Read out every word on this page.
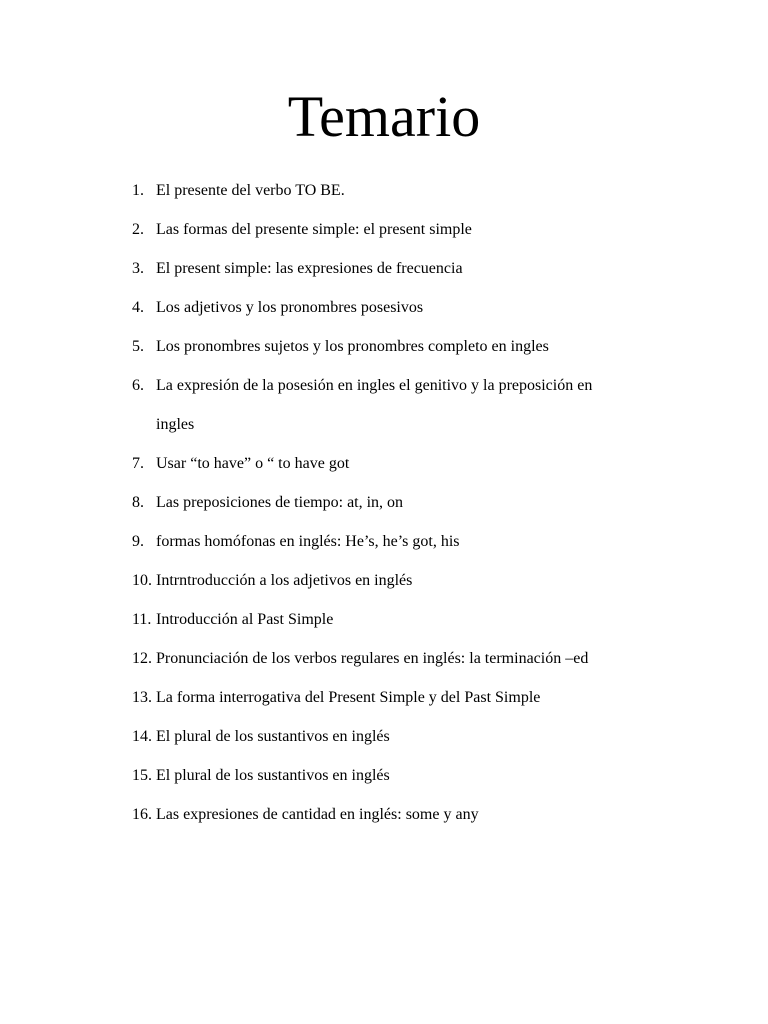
Temario
1. El presente del verbo TO BE.
2. Las formas del presente simple: el present simple
3. El present simple: las expresiones de frecuencia
4. Los adjetivos y los pronombres posesivos
5. Los pronombres sujetos y los pronombres completo en ingles
6. La expresión de la posesión en ingles el genitivo y la preposición en
ingles
7. Usar “to have” o “ to have got
8. Las preposiciones de tiempo: at, in, on
9. formas homófonas en inglés: He’s, he’s got, his
10. Intrntroducción a los adjetivos en inglés
11. Introducción al Past Simple
12. Pronunciación de los verbos regulares en inglés: la terminación –ed
13. La forma interrogativa del Present Simple y del Past Simple
14. El plural de los sustantivos en inglés
15. El plural de los sustantivos en inglés
16. Las expresiones de cantidad en inglés: some y any
